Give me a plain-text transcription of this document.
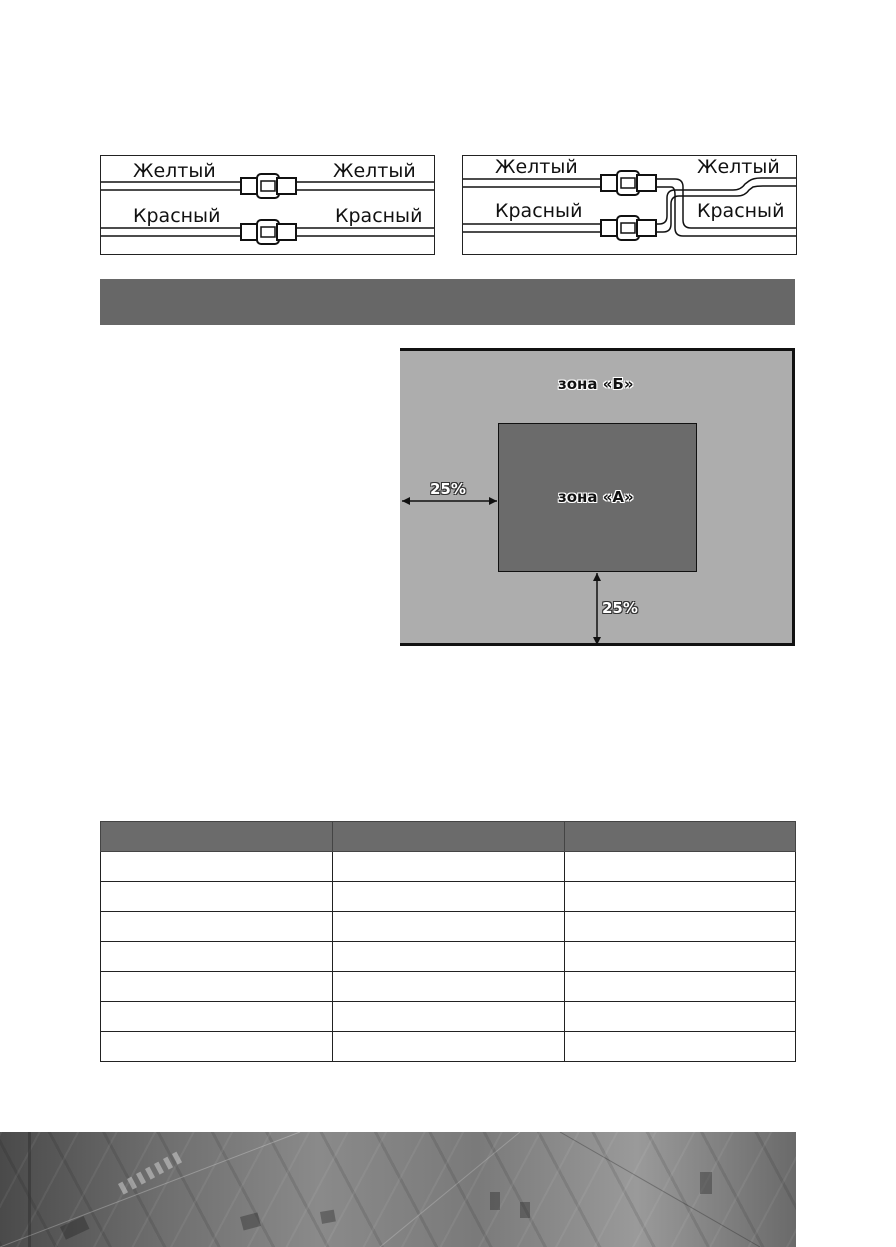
Желтый	Желтый
Красный	Красный
Желтый	Желтый
Красный	Красный
зона «Б»
зона «А»
25%
25%
